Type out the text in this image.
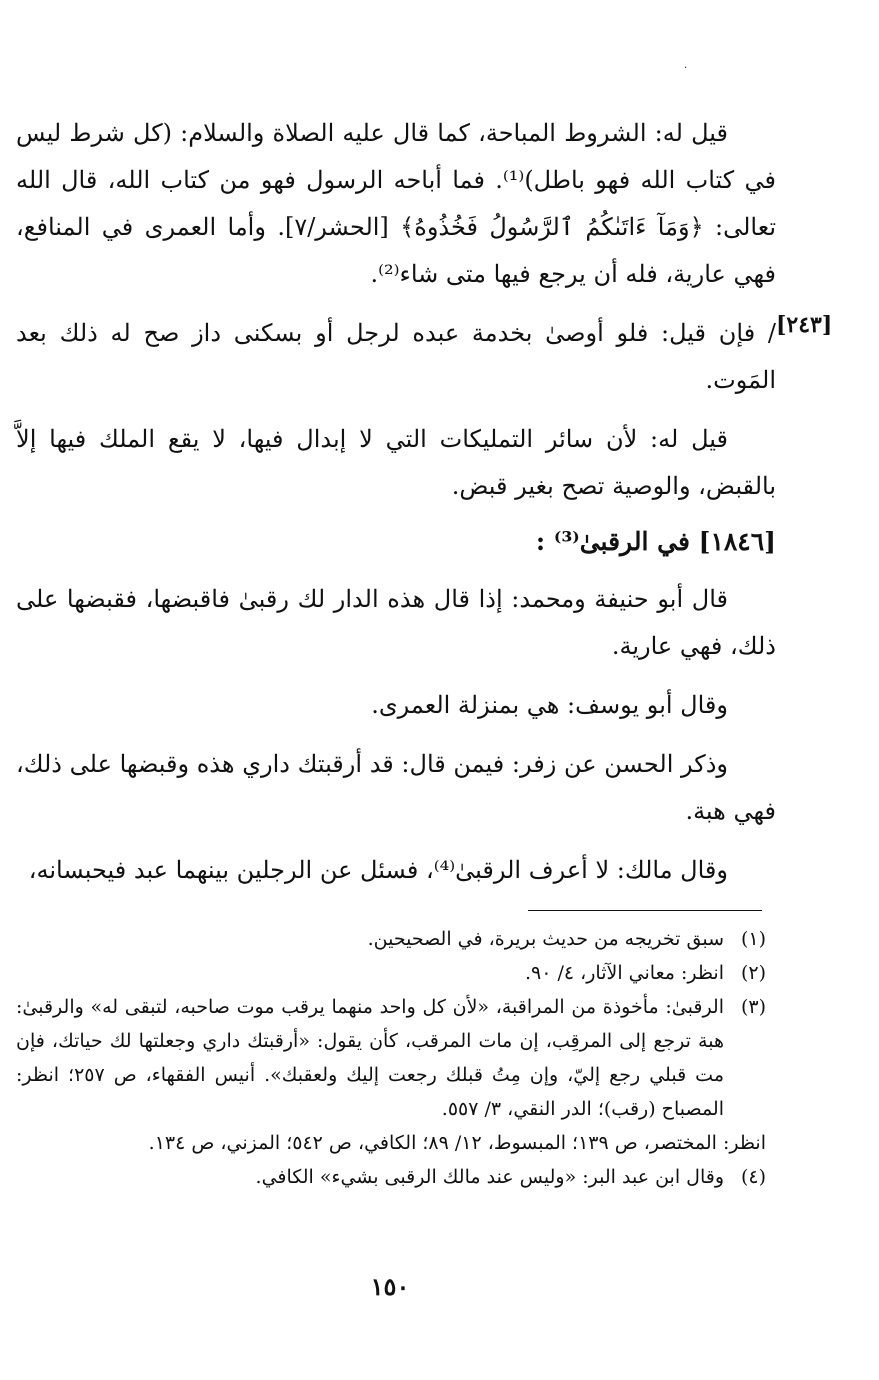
.
[٢٤٣]

قيل له: الشروط المباحة، كما قال عليه الصلاة والسلام: (كل شرط ليس في كتاب الله فهو باطل)⁽¹⁾. فما أباحه الرسول فهو من كتاب الله، قال الله تعالى: ﴿وَمَآ ءَاتَىٰكُمُ ٱلرَّسُولُ فَخُذُوهُ﴾ [الحشر/٧]. وأما العمرى في المنافع، فهي عارية، فله أن يرجع فيها متى شاء⁽²⁾.

/ فإن قيل: فلو أوصىٰ بخدمة عبده لرجل أو بسكنى داز صح له ذلك بعد المَوت.

قيل له: لأن سائر التمليكات التي لا إبدال فيها، لا يقع الملك فيها إلاَّ بالقبض، والوصية تصح بغير قبض.

[١٨٤٦] في الرقبىٰ⁽³⁾ :

قال أبو حنيفة ومحمد: إذا قال هذه الدار لك رقبىٰ فاقبضها، فقبضها على ذلك، فهي عارية.

وقال أبو يوسف: هي بمنزلة العمرى.

وذكر الحسن عن زفر: فيمن قال: قد أرقبتك داري هذه وقبضها على ذلك، فهي هبة.

وقال مالك: لا أعرف الرقبىٰ⁽⁴⁾، فسئل عن الرجلين بينهما عبد فيحبسانه،

(١)
سبق تخريجه من حديث بريرة، في الصحيحين.

(٢)
انظر: معاني الآثار، ٤/ ٩٠.

(٣)
الرقبىٰ: مأخوذة من المراقبة، «لأن كل واحد منهما يرقب موت صاحبه، لتبقى له» والرقبىٰ: هبة ترجع إلى المرقِب، إن مات المرقب، كأن يقول: «أرقبتك داري وجعلتها لك حياتك، فإن مت قبلي رجع إليّ، وإن مِتُ قبلك رجعت إليك ولعقبك». أنيس الفقهاء، ص ٢٥٧؛ انظر: المصباح (رقب)؛ الدر النقي، ٣/ ٥٥٧.

انظر: المختصر، ص ١٣٩؛ المبسوط، ١٢/ ٨٩؛ الكافي، ص ٥٤٢؛ المزني، ص ١٣٤.

(٤)
وقال ابن عبد البر: «وليس عند مالك الرقبى بشيء» الكافي.

١٥٠
